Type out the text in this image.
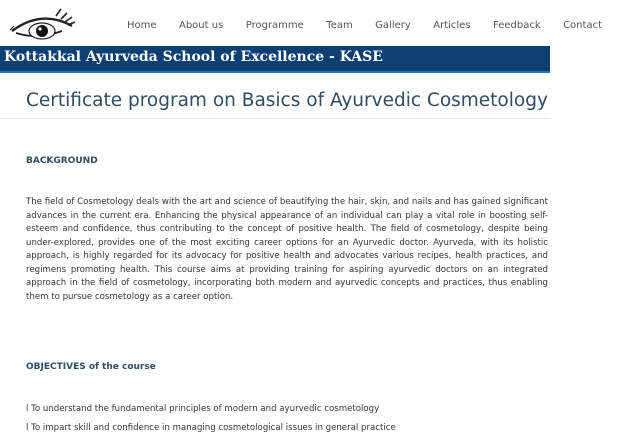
Home About us Programme Team Gallery Articles Feedback Contact
Kottakkal Ayurveda School of Excellence - KASE
Certificate program on Basics of Ayurvedic Cosmetology
BACKGROUND
The field of Cosmetology deals with the art and science of beautifying the hair, skin, and nails and has gained significant advances in the current era. Enhancing the physical appearance of an individual can play a vital role in boosting self-esteem and confidence, thus contributing to the concept of positive health. The field of cosmetology, despite being under-explored, provides one of the most exciting career options for an Ayurvedic doctor. Ayurveda, with its holistic approach, is highly regarded for its advocacy for positive health and advocates various recipes, health practices, and regimens promoting health. This course aims at providing training for aspiring ayurvedic doctors on an integrated approach in the field of cosmetology, incorporating both modern and ayurvedic concepts and practices, thus enabling them to pursue cosmetology as a career option.
OBJECTIVES of the course
l To understand the fundamental principles of modern and ayurvedic cosmetology
l To impart skill and confidence in managing cosmetological issues in general practice
